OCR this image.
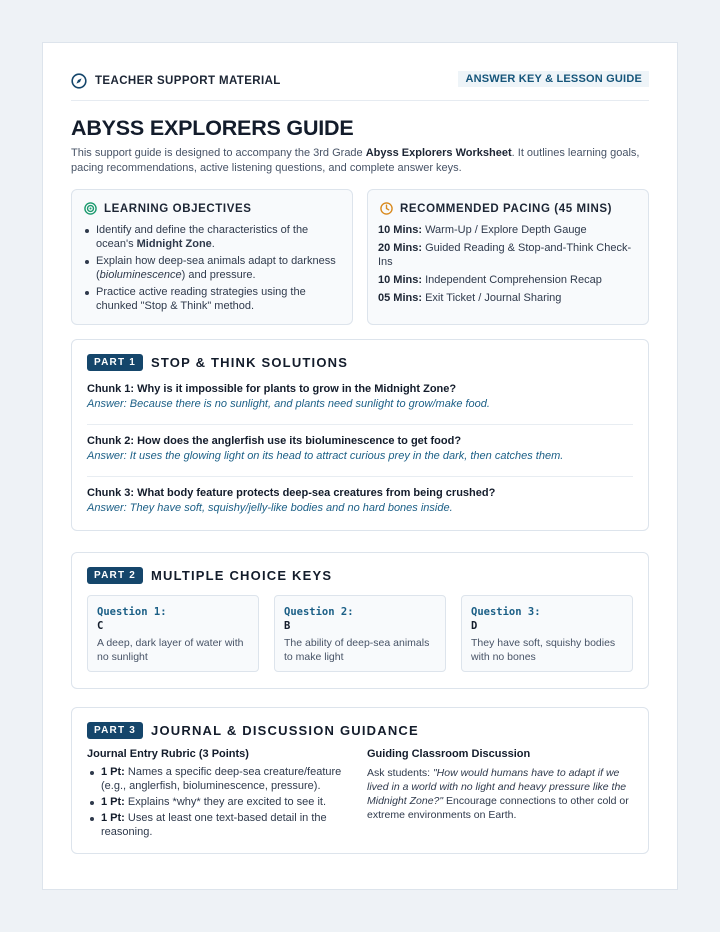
TEACHER SUPPORT MATERIAL	ANSWER KEY & LESSON GUIDE
ABYSS EXPLORERS GUIDE

This support guide is designed to accompany the 3rd Grade Abyss Explorers Worksheet. It outlines learning goals, pacing recommendations, active listening questions, and complete answer keys.

LEARNING OBJECTIVES
Identify and define the characteristics of the ocean's Midnight Zone.
Explain how deep-sea animals adapt to darkness (bioluminescence) and pressure.
Practice active reading strategies using the chunked "Stop & Think" method.
RECOMMENDED PACING (45 MINS)
10 Mins: Warm-Up / Explore Depth Gauge
20 Mins: Guided Reading & Stop-and-Think Check-Ins
10 Mins: Independent Comprehension Recap
05 Mins: Exit Ticket / Journal Sharing
PART 1	STOP & THINK SOLUTIONS
Chunk 1: Why is it impossible for plants to grow in the Midnight Zone?
Answer: Because there is no sunlight, and plants need sunlight to grow/make food.
Chunk 2: How does the anglerfish use its bioluminescence to get food?
Answer: It uses the glowing light on its head to attract curious prey in the dark, then catches them.
Chunk 3: What body feature protects deep-sea creatures from being crushed?
Answer: They have soft, squishy/jelly-like bodies and no hard bones inside.
PART 2	MULTIPLE CHOICE KEYS
Question 1:
C
A deep, dark layer of water with no sunlight
Question 2:
B
The ability of deep-sea animals to make light
Question 3:
D
They have soft, squishy bodies with no bones
PART 3	JOURNAL & DISCUSSION GUIDANCE
Journal Entry Rubric (3 Points)
1 Pt: Names a specific deep-sea creature/feature (e.g., anglerfish, bioluminescence, pressure).
1 Pt: Explains *why* they are excited to see it.
1 Pt: Uses at least one text-based detail in the reasoning.
Guiding Classroom Discussion
Ask students: "How would humans have to adapt if we lived in a world with no light and heavy pressure like the Midnight Zone?" Encourage connections to other cold or extreme environments on Earth.
